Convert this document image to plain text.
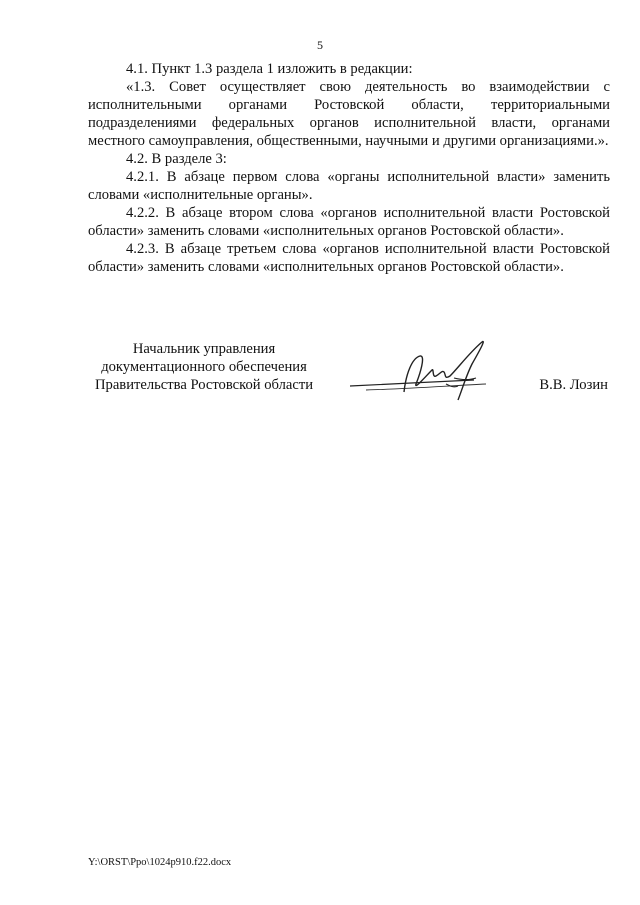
5

4.1. Пункт 1.3 раздела 1 изложить в редакции:

«1.3. Совет осуществляет свою деятельность во взаимодействии с исполнительными органами Ростовской области, территориальными подразделениями федеральных органов исполнительной власти, органами местного самоуправления, общественными, научными и другими организациями.».

4.2. В разделе 3:

4.2.1. В абзаце первом слова «органы исполнительной власти» заменить словами «исполнительные органы».

4.2.2. В абзаце втором слова «органов исполнительной власти Ростовской области» заменить словами «исполнительных органов Ростовской области».

4.2.3. В абзаце третьем слова «органов исполнительной власти Ростовской области» заменить словами «исполнительных органов Ростовской области».

Начальник управления
документационного обеспечения
Правительства Ростовской области	В.В. Лозин
Y:\ORST\Ppo\1024p910.f22.docx
